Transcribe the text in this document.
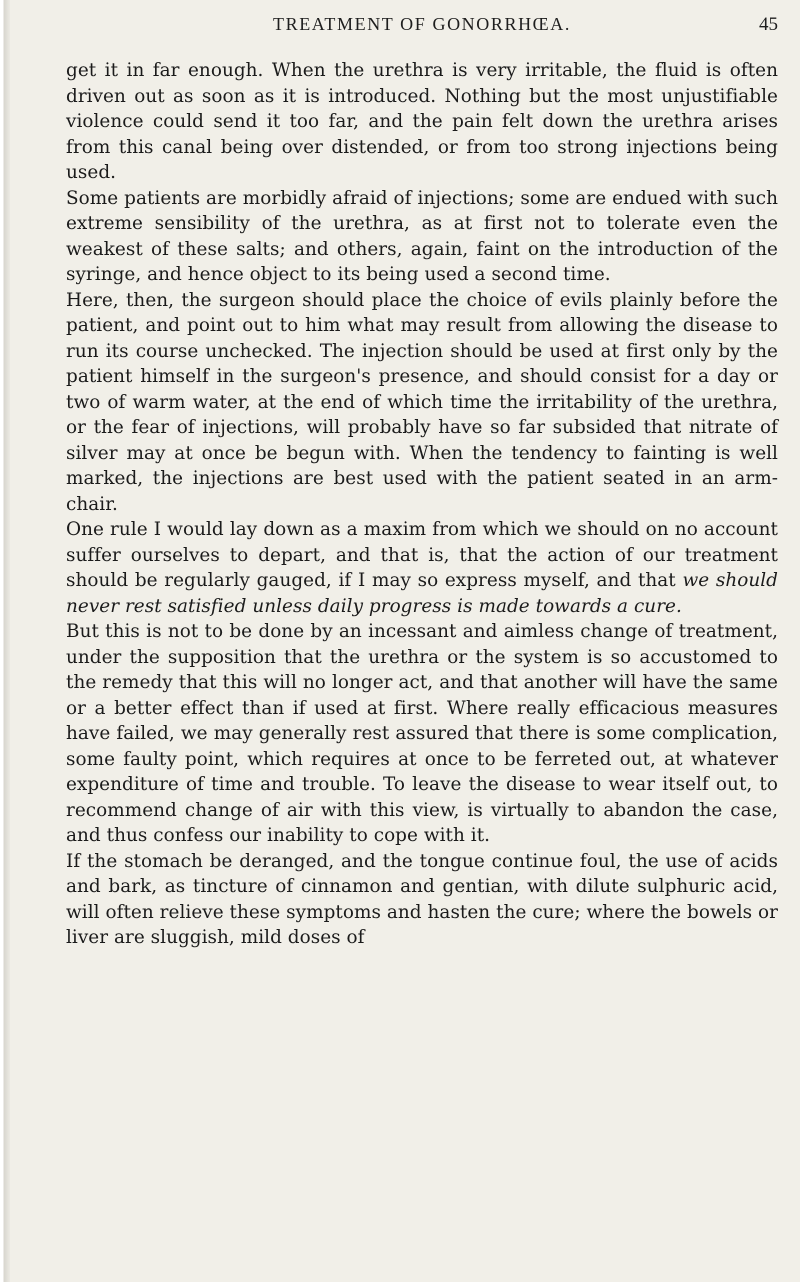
TREATMENT OF GONORRHŒA.	45

get it in far enough. When the urethra is very irritable, the fluid is often driven out as soon as it is introduced. Nothing but the most unjustifiable violence could send it too far, and the pain felt down the urethra arises from this canal being over distended, or from too strong injections being used.

Some patients are morbidly afraid of injections; some are endued with such extreme sensibility of the urethra, as at first not to tolerate even the weakest of these salts; and others, again, faint on the introduction of the syringe, and hence object to its being used a second time.

Here, then, the surgeon should place the choice of evils plainly before the patient, and point out to him what may result from allowing the disease to run its course unchecked. The injection should be used at first only by the patient himself in the surgeon's presence, and should consist for a day or two of warm water, at the end of which time the irritability of the urethra, or the fear of injections, will probably have so far subsided that nitrate of silver may at once be begun with. When the tendency to fainting is well marked, the injections are best used with the patient seated in an arm-chair.

One rule I would lay down as a maxim from which we should on no account suffer ourselves to depart, and that is, that the action of our treatment should be regularly gauged, if I may so express myself, and that we should never rest satisfied unless daily progress is made towards a cure.

But this is not to be done by an incessant and aimless change of treatment, under the supposition that the urethra or the system is so accustomed to the remedy that this will no longer act, and that another will have the same or a better effect than if used at first. Where really efficacious measures have failed, we may generally rest assured that there is some complication, some faulty point, which requires at once to be ferreted out, at whatever expenditure of time and trouble. To leave the disease to wear itself out, to recommend change of air with this view, is virtually to abandon the case, and thus confess our inability to cope with it.

If the stomach be deranged, and the tongue continue foul, the use of acids and bark, as tincture of cinnamon and gentian, with dilute sulphuric acid, will often relieve these symptoms and hasten the cure; where the bowels or liver are sluggish, mild doses of
